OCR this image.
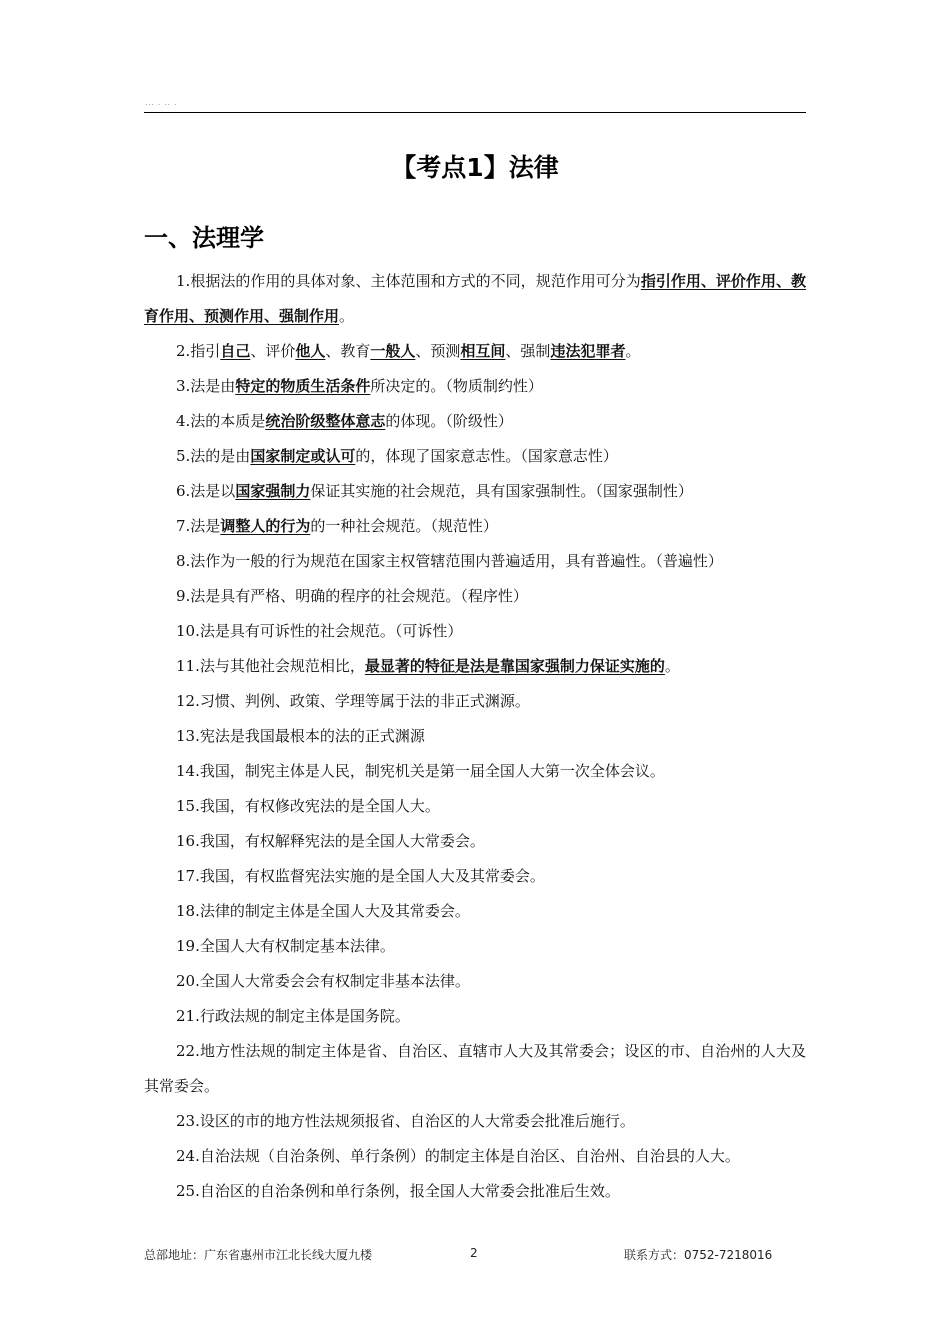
··· · ·· ·
【考点1】法律
一、法理学

1.根据法的作用的具体对象、主体范围和方式的不同，规范作用可分为指引作用、评价作用、教育作用、预测作用、强制作用。

2.指引自己、评价他人、教育一般人、预测相互间、强制违法犯罪者。

3.法是由特定的物质生活条件所决定的。（物质制约性）

4.法的本质是统治阶级整体意志的体现。（阶级性）

5.法的是由国家制定或认可的，体现了国家意志性。（国家意志性）

6.法是以国家强制力保证其实施的社会规范，具有国家强制性。（国家强制性）

7.法是调整人的行为的一种社会规范。（规范性）

8.法作为一般的行为规范在国家主权管辖范围内普遍适用，具有普遍性。（普遍性）

9.法是具有严格、明确的程序的社会规范。（程序性）

10.法是具有可诉性的社会规范。（可诉性）

11.法与其他社会规范相比，最显著的特征是法是靠国家强制力保证实施的。

12.习惯、判例、政策、学理等属于法的非正式渊源。

13.宪法是我国最根本的法的正式渊源

14.我国，制宪主体是人民，制宪机关是第一届全国人大第一次全体会议。

15.我国，有权修改宪法的是全国人大。

16.我国，有权解释宪法的是全国人大常委会。

17.我国，有权监督宪法实施的是全国人大及其常委会。

18.法律的制定主体是全国人大及其常委会。

19.全国人大有权制定基本法律。

20.全国人大常委会会有权制定非基本法律。

21.行政法规的制定主体是国务院。

22.地方性法规的制定主体是省、自治区、直辖市人大及其常委会；设区的市、自治州的人大及其常委会。

23.设区的市的地方性法规须报省、自治区的人大常委会批准后施行。

24.自治法规（自治条例、单行条例）的制定主体是自治区、自治州、自治县的人大。

25.自治区的自治条例和单行条例，报全国人大常委会批准后生效。

总部地址：广东省惠州市江北长线大厦九楼	2	联系方式：0752-7218016
